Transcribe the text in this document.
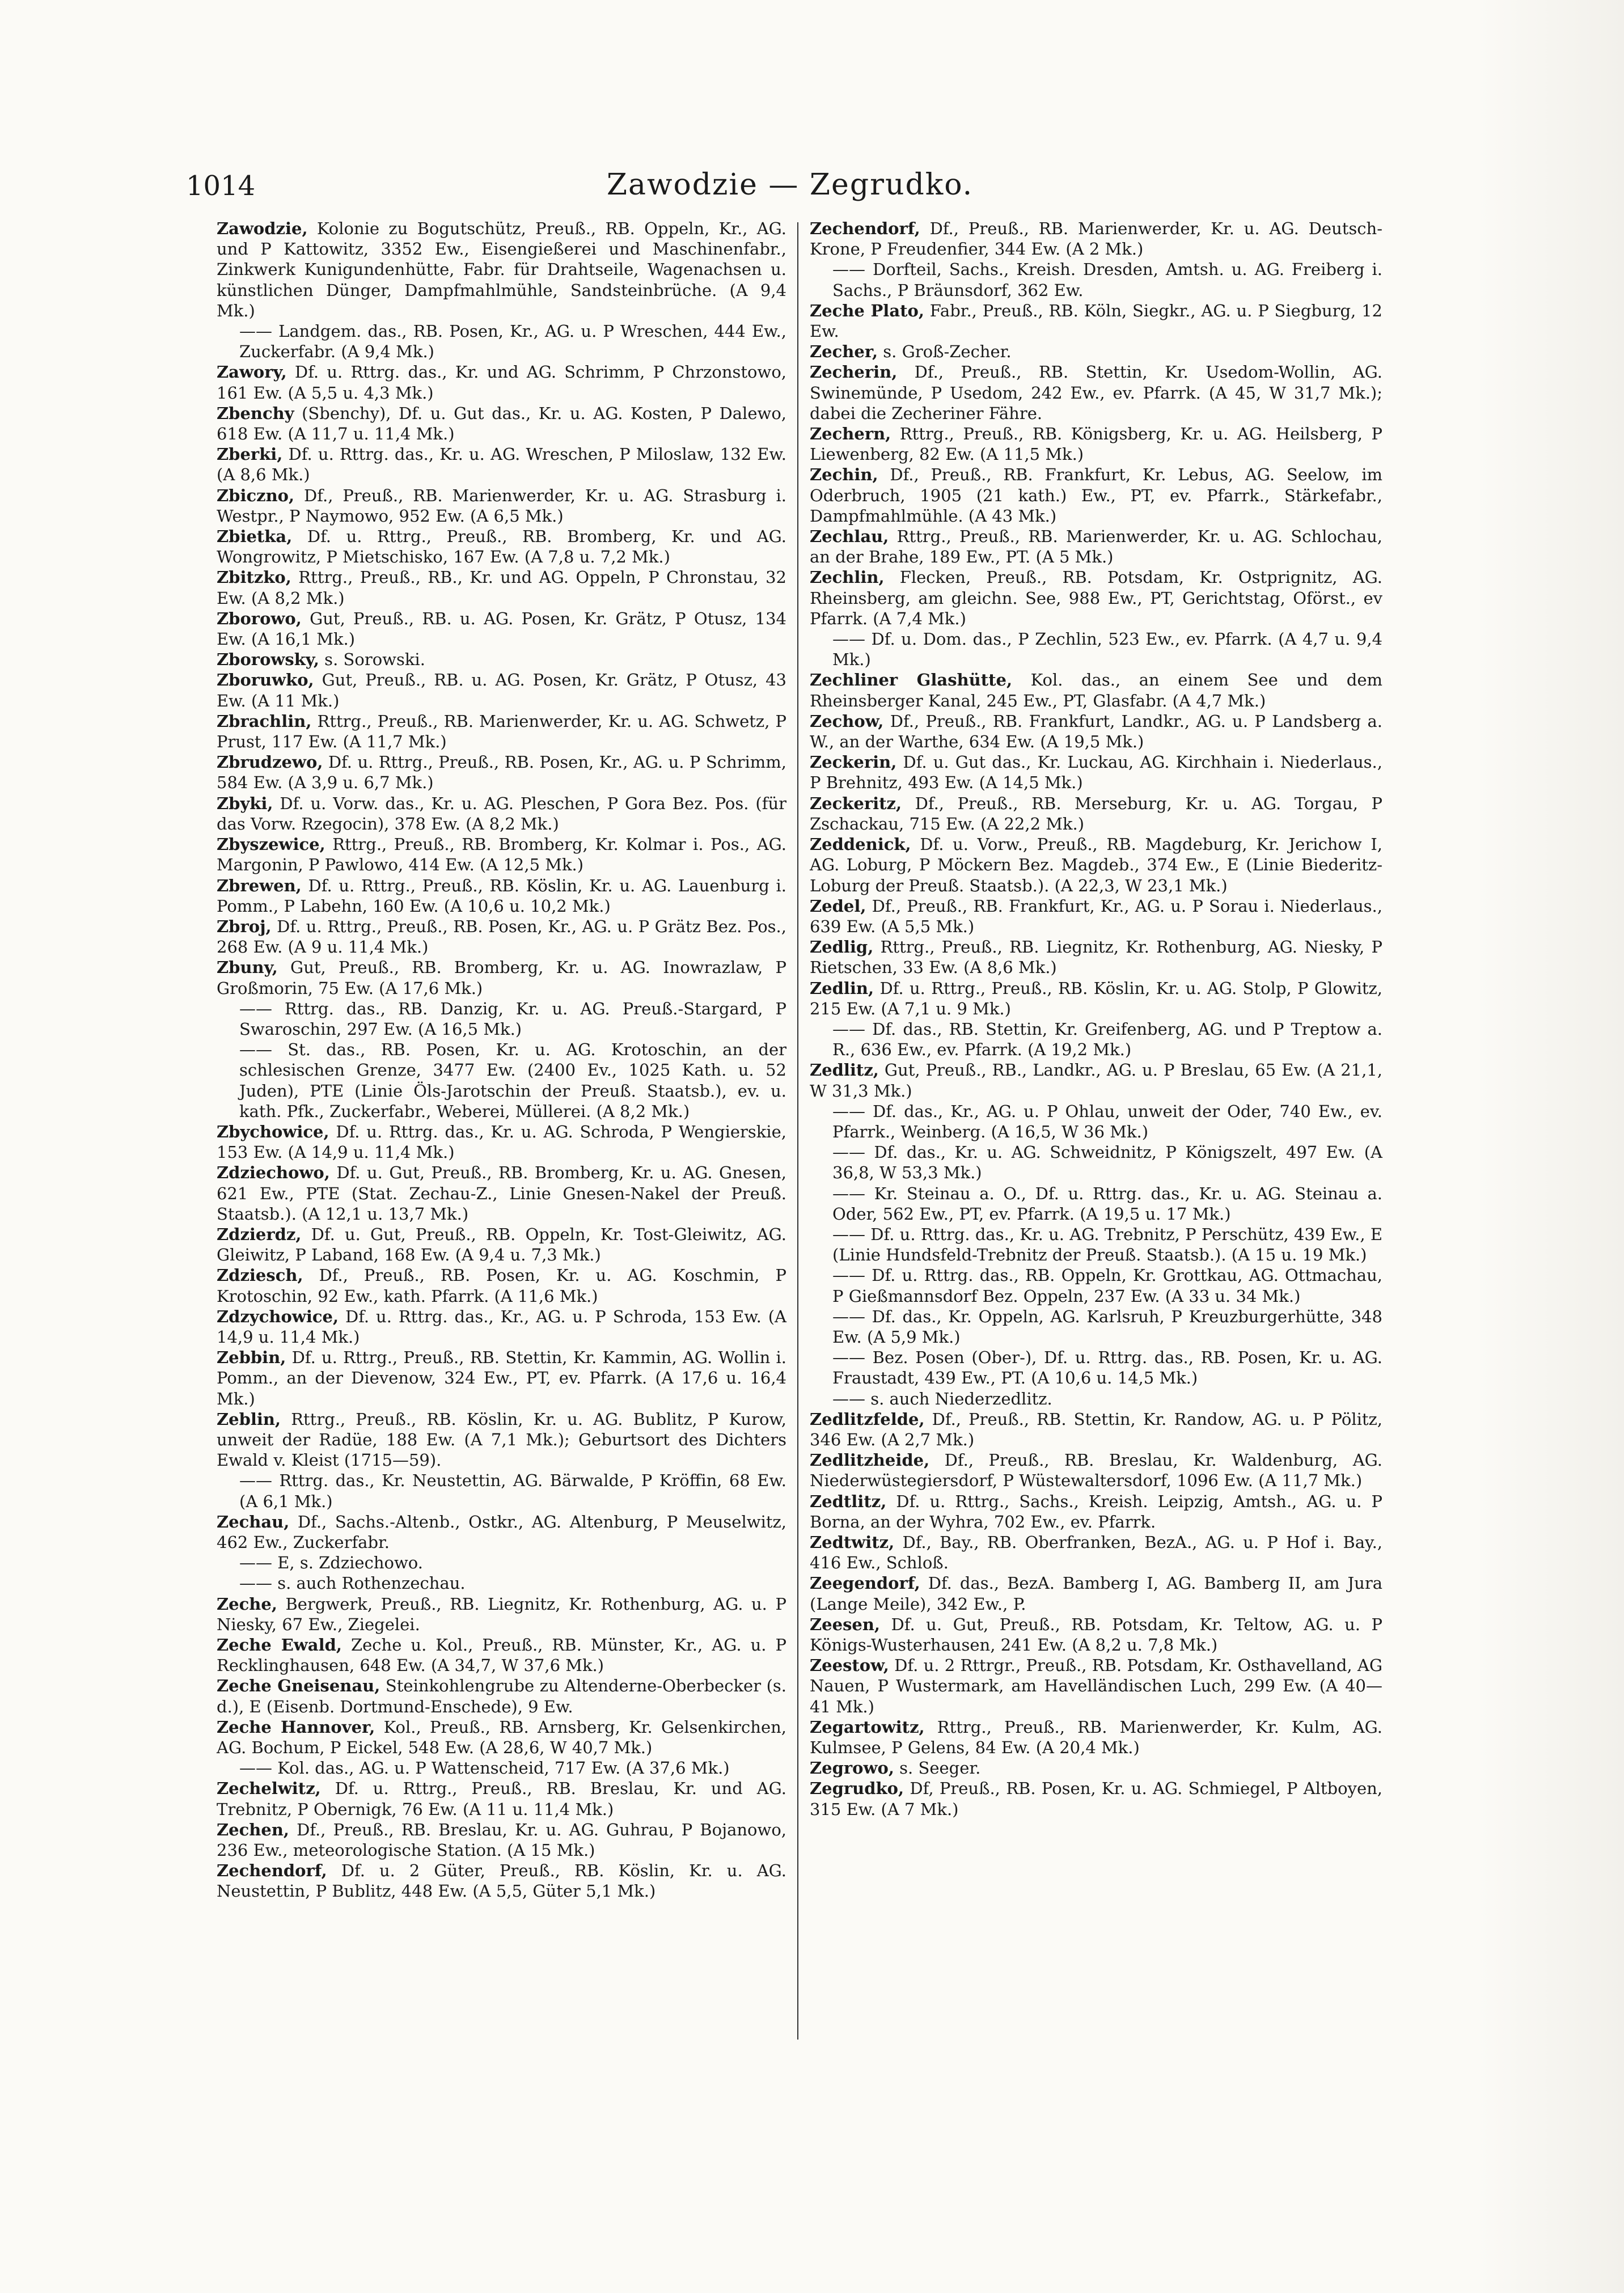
1014	Zawodzie — Zegrudko.

Zawodzie, Kolonie zu Bogutschütz, Preuß., RB. Oppeln, Kr., AG. und P Kattowitz, 3352 Ew., Eisengießerei und Maschinenfabr., Zinkwerk Kunigundenhütte, Fabr. für Drahtseile, Wagenachsen u. künstlichen Dünger, Dampfmahlmühle, Sandsteinbrüche. (A 9,4 Mk.)

—— Landgem. das., RB. Posen, Kr., AG. u. P Wreschen, 444 Ew., Zuckerfabr. (A 9,4 Mk.)

Zawory, Df. u. Rttrg. das., Kr. und AG. Schrimm, P Chrzonstowo, 161 Ew. (A 5,5 u. 4,3 Mk.)

Zbenchy (Sbenchy), Df. u. Gut das., Kr. u. AG. Kosten, P Dalewo, 618 Ew. (A 11,7 u. 11,4 Mk.)

Zberki, Df. u. Rttrg. das., Kr. u. AG. Wreschen, P Miloslaw, 132 Ew. (A 8,6 Mk.)

Zbiczno, Df., Preuß., RB. Marienwerder, Kr. u. AG. Strasburg i. Westpr., P Naymowo, 952 Ew. (A 6,5 Mk.)

Zbietka, Df. u. Rttrg., Preuß., RB. Bromberg, Kr. und AG. Wongrowitz, P Mietschisko, 167 Ew. (A 7,8 u. 7,2 Mk.)

Zbitzko, Rttrg., Preuß., RB., Kr. und AG. Oppeln, P Chronstau, 32 Ew. (A 8,2 Mk.)

Zborowo, Gut, Preuß., RB. u. AG. Posen, Kr. Grätz, P Otusz, 134 Ew. (A 16,1 Mk.)

Zborowsky, s. Sorowski.

Zboruwko, Gut, Preuß., RB. u. AG. Posen, Kr. Grätz, P Otusz, 43 Ew. (A 11 Mk.)

Zbrachlin, Rttrg., Preuß., RB. Marienwerder, Kr. u. AG. Schwetz, P Prust, 117 Ew. (A 11,7 Mk.)

Zbrudzewo, Df. u. Rttrg., Preuß., RB. Posen, Kr., AG. u. P Schrimm, 584 Ew. (A 3,9 u. 6,7 Mk.)

Zbyki, Df. u. Vorw. das., Kr. u. AG. Pleschen, P Gora Bez. Pos. (für das Vorw. Rzegocin), 378 Ew. (A 8,2 Mk.)

Zbyszewice, Rttrg., Preuß., RB. Bromberg, Kr. Kolmar i. Pos., AG. Margonin, P Pawlowo, 414 Ew. (A 12,5 Mk.)

Zbrewen, Df. u. Rttrg., Preuß., RB. Köslin, Kr. u. AG. Lauenburg i. Pomm., P Labehn, 160 Ew. (A 10,6 u. 10,2 Mk.)

Zbroj, Df. u. Rttrg., Preuß., RB. Posen, Kr., AG. u. P Grätz Bez. Pos., 268 Ew. (A 9 u. 11,4 Mk.)

Zbuny, Gut, Preuß., RB. Bromberg, Kr. u. AG. Inowrazlaw, P Großmorin, 75 Ew. (A 17,6 Mk.)

—— Rttrg. das., RB. Danzig, Kr. u. AG. Preuß.-Stargard, P Swaroschin, 297 Ew. (A 16,5 Mk.)

—— St. das., RB. Posen, Kr. u. AG. Krotoschin, an der schlesischen Grenze, 3477 Ew. (2400 Ev., 1025 Kath. u. 52 Juden), PTE (Linie Öls-Jarotschin der Preuß. Staatsb.), ev. u. kath. Pfk., Zuckerfabr., Weberei, Müllerei. (A 8,2 Mk.)

Zbychowice, Df. u. Rttrg. das., Kr. u. AG. Schroda, P Wengierskie, 153 Ew. (A 14,9 u. 11,4 Mk.)

Zdziechowo, Df. u. Gut, Preuß., RB. Bromberg, Kr. u. AG. Gnesen, 621 Ew., PTE (Stat. Zechau-Z., Linie Gnesen-Nakel der Preuß. Staatsb.). (A 12,1 u. 13,7 Mk.)

Zdzierdz, Df. u. Gut, Preuß., RB. Oppeln, Kr. Tost-Gleiwitz, AG. Gleiwitz, P Laband, 168 Ew. (A 9,4 u. 7,3 Mk.)

Zdziesch, Df., Preuß., RB. Posen, Kr. u. AG. Koschmin, P Krotoschin, 92 Ew., kath. Pfarrk. (A 11,6 Mk.)

Zdzychowice, Df. u. Rttrg. das., Kr., AG. u. P Schroda, 153 Ew. (A 14,9 u. 11,4 Mk.)

Zebbin, Df. u. Rttrg., Preuß., RB. Stettin, Kr. Kammin, AG. Wollin i. Pomm., an der Dievenow, 324 Ew., PT, ev. Pfarrk. (A 17,6 u. 16,4 Mk.)

Zeblin, Rttrg., Preuß., RB. Köslin, Kr. u. AG. Bublitz, P Kurow, unweit der Radüe, 188 Ew. (A 7,1 Mk.); Geburtsort des Dichters Ewald v. Kleist (1715—59).

—— Rttrg. das., Kr. Neustettin, AG. Bärwalde, P Kröffin, 68 Ew. (A 6,1 Mk.)

Zechau, Df., Sachs.-Altenb., Ostkr., AG. Altenburg, P Meuselwitz, 462 Ew., Zuckerfabr.

—— E, s. Zdziechowo.

—— s. auch Rothenzechau.

Zeche, Bergwerk, Preuß., RB. Liegnitz, Kr. Rothenburg, AG. u. P Niesky, 67 Ew., Ziegelei.

Zeche Ewald, Zeche u. Kol., Preuß., RB. Münster, Kr., AG. u. P Recklinghausen, 648 Ew. (A 34,7, W 37,6 Mk.)

Zeche Gneisenau, Steinkohlengrube zu Altenderne-Oberbecker (s. d.), E (Eisenb. Dortmund-Enschede), 9 Ew.

Zeche Hannover, Kol., Preuß., RB. Arnsberg, Kr. Gelsenkirchen, AG. Bochum, P Eickel, 548 Ew. (A 28,6, W 40,7 Mk.)

—— Kol. das., AG. u. P Wattenscheid, 717 Ew. (A 37,6 Mk.)

Zechelwitz, Df. u. Rttrg., Preuß., RB. Breslau, Kr. und AG. Trebnitz, P Obernigk, 76 Ew. (A 11 u. 11,4 Mk.)

Zechen, Df., Preuß., RB. Breslau, Kr. u. AG. Guhrau, P Bojanowo, 236 Ew., meteorologische Station. (A 15 Mk.)

Zechendorf, Df. u. 2 Güter, Preuß., RB. Köslin, Kr. u. AG. Neustettin, P Bublitz, 448 Ew. (A 5,5, Güter 5,1 Mk.)

Zechendorf, Df., Preuß., RB. Marienwerder, Kr. u. AG. Deutsch-Krone, P Freudenfier, 344 Ew. (A 2 Mk.)

—— Dorfteil, Sachs., Kreish. Dresden, Amtsh. u. AG. Freiberg i. Sachs., P Bräunsdorf, 362 Ew.

Zeche Plato, Fabr., Preuß., RB. Köln, Siegkr., AG. u. P Siegburg, 12 Ew.

Zecher, s. Groß-Zecher.

Zecherin, Df., Preuß., RB. Stettin, Kr. Usedom-Wollin, AG. Swinemünde, P Usedom, 242 Ew., ev. Pfarrk. (A 45, W 31,7 Mk.); dabei die Zecheriner Fähre.

Zechern, Rttrg., Preuß., RB. Königsberg, Kr. u. AG. Heilsberg, P Liewenberg, 82 Ew. (A 11,5 Mk.)

Zechin, Df., Preuß., RB. Frankfurt, Kr. Lebus, AG. Seelow, im Oderbruch, 1905 (21 kath.) Ew., PT, ev. Pfarrk., Stärkefabr., Dampfmahlmühle. (A 43 Mk.)

Zechlau, Rttrg., Preuß., RB. Marienwerder, Kr. u. AG. Schlochau, an der Brahe, 189 Ew., PT. (A 5 Mk.)

Zechlin, Flecken, Preuß., RB. Potsdam, Kr. Ostprignitz, AG. Rheinsberg, am gleichn. See, 988 Ew., PT, Gerichtstag, Oförst., ev Pfarrk. (A 7,4 Mk.)

—— Df. u. Dom. das., P Zechlin, 523 Ew., ev. Pfarrk. (A 4,7 u. 9,4 Mk.)

Zechliner Glashütte, Kol. das., an einem See und dem Rheinsberger Kanal, 245 Ew., PT, Glasfabr. (A 4,7 Mk.)

Zechow, Df., Preuß., RB. Frankfurt, Landkr., AG. u. P Landsberg a. W., an der Warthe, 634 Ew. (A 19,5 Mk.)

Zeckerin, Df. u. Gut das., Kr. Luckau, AG. Kirchhain i. Niederlaus., P Brehnitz, 493 Ew. (A 14,5 Mk.)

Zeckeritz, Df., Preuß., RB. Merseburg, Kr. u. AG. Torgau, P Zschackau, 715 Ew. (A 22,2 Mk.)

Zeddenick, Df. u. Vorw., Preuß., RB. Magdeburg, Kr. Jerichow I, AG. Loburg, P Möckern Bez. Magdeb., 374 Ew., E (Linie Biederitz-Loburg der Preuß. Staatsb.). (A 22,3, W 23,1 Mk.)

Zedel, Df., Preuß., RB. Frankfurt, Kr., AG. u. P Sorau i. Niederlaus., 639 Ew. (A 5,5 Mk.)

Zedlig, Rttrg., Preuß., RB. Liegnitz, Kr. Rothenburg, AG. Niesky, P Rietschen, 33 Ew. (A 8,6 Mk.)

Zedlin, Df. u. Rttrg., Preuß., RB. Köslin, Kr. u. AG. Stolp, P Glowitz, 215 Ew. (A 7,1 u. 9 Mk.)

—— Df. das., RB. Stettin, Kr. Greifenberg, AG. und P Treptow a. R., 636 Ew., ev. Pfarrk. (A 19,2 Mk.)

Zedlitz, Gut, Preuß., RB., Landkr., AG. u. P Breslau, 65 Ew. (A 21,1, W 31,3 Mk.)

—— Df. das., Kr., AG. u. P Ohlau, unweit der Oder, 740 Ew., ev. Pfarrk., Weinberg. (A 16,5, W 36 Mk.)

—— Df. das., Kr. u. AG. Schweidnitz, P Königszelt, 497 Ew. (A 36,8, W 53,3 Mk.)

—— Kr. Steinau a. O., Df. u. Rttrg. das., Kr. u. AG. Steinau a. Oder, 562 Ew., PT, ev. Pfarrk. (A 19,5 u. 17 Mk.)

—— Df. u. Rttrg. das., Kr. u. AG. Trebnitz, P Perschütz, 439 Ew., E (Linie Hundsfeld-Trebnitz der Preuß. Staatsb.). (A 15 u. 19 Mk.)

—— Df. u. Rttrg. das., RB. Oppeln, Kr. Grottkau, AG. Ottmachau, P Gießmannsdorf Bez. Oppeln, 237 Ew. (A 33 u. 34 Mk.)

—— Df. das., Kr. Oppeln, AG. Karlsruh, P Kreuzburgerhütte, 348 Ew. (A 5,9 Mk.)

—— Bez. Posen (Ober-), Df. u. Rttrg. das., RB. Posen, Kr. u. AG. Fraustadt, 439 Ew., PT. (A 10,6 u. 14,5 Mk.)

—— s. auch Niederzedlitz.

Zedlitzfelde, Df., Preuß., RB. Stettin, Kr. Randow, AG. u. P Pölitz, 346 Ew. (A 2,7 Mk.)

Zedlitzheide, Df., Preuß., RB. Breslau, Kr. Waldenburg, AG. Niederwüstegiersdorf, P Wüstewaltersdorf, 1096 Ew. (A 11,7 Mk.)

Zedtlitz, Df. u. Rttrg., Sachs., Kreish. Leipzig, Amtsh., AG. u. P Borna, an der Wyhra, 702 Ew., ev. Pfarrk.

Zedtwitz, Df., Bay., RB. Oberfranken, BezA., AG. u. P Hof i. Bay., 416 Ew., Schloß.

Zeegendorf, Df. das., BezA. Bamberg I, AG. Bamberg II, am Jura (Lange Meile), 342 Ew., P.

Zeesen, Df. u. Gut, Preuß., RB. Potsdam, Kr. Teltow, AG. u. P Königs-Wusterhausen, 241 Ew. (A 8,2 u. 7,8 Mk.)

Zeestow, Df. u. 2 Rttrgr., Preuß., RB. Potsdam, Kr. Osthavelland, AG Nauen, P Wustermark, am Havelländischen Luch, 299 Ew. (A 40—41 Mk.)

Zegartowitz, Rttrg., Preuß., RB. Marienwerder, Kr. Kulm, AG. Kulmsee, P Gelens, 84 Ew. (A 20,4 Mk.)

Zegrowo, s. Seeger.

Zegrudko, Df, Preuß., RB. Posen, Kr. u. AG. Schmiegel, P Altboyen, 315 Ew. (A 7 Mk.)
